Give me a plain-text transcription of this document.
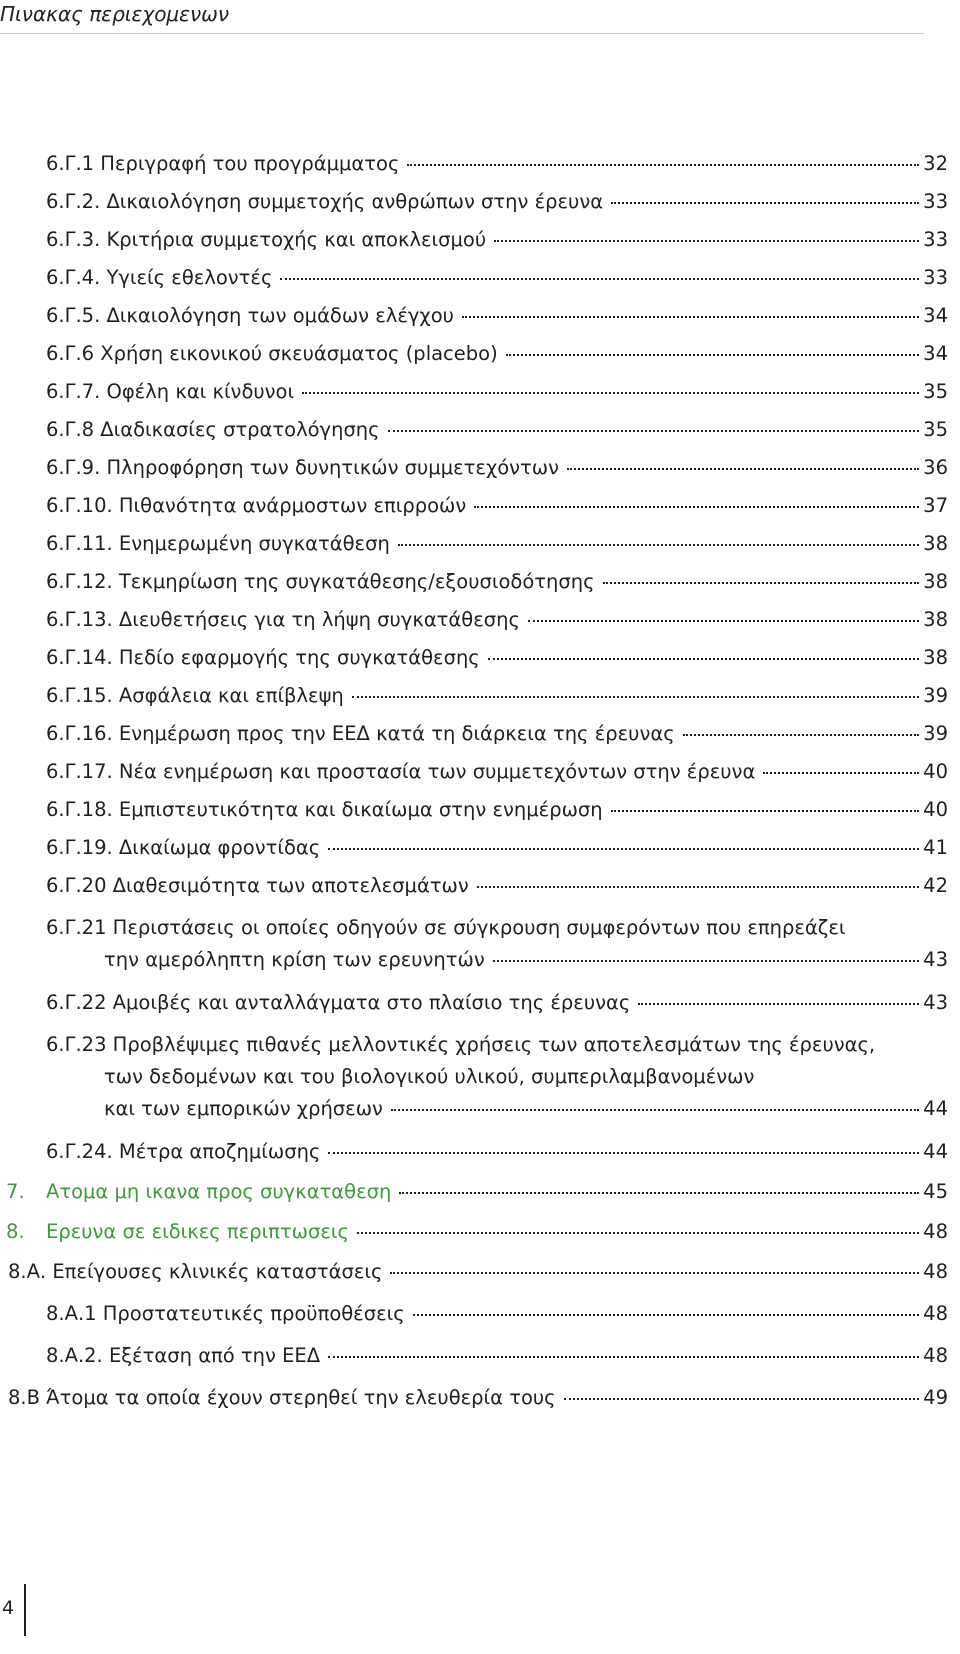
Πινακας περιεχομενων
6.Γ.1 Περιγραφή του προγράμματος	32
6.Γ.2. Δικαιολόγηση συμμετοχής ανθρώπων στην έρευνα	33
6.Γ.3. Κριτήρια συμμετοχής και αποκλεισμού	33
6.Γ.4. Υγιείς εθελοντές	33
6.Γ.5. Δικαιολόγηση των ομάδων ελέγχου	34
6.Γ.6 Χρήση εικονικού σκευάσματος (placebo)	34
6.Γ.7. Οφέλη και κίνδυνοι	35
6.Γ.8 Διαδικασίες στρατολόγησης	35
6.Γ.9. Πληροφόρηση των δυνητικών συμμετεχόντων	36
6.Γ.10. Πιθανότητα ανάρμοστων επιρροών	37
6.Γ.11. Ενημερωμένη συγκατάθεση	38
6.Γ.12. Τεκμηρίωση της συγκατάθεσης/εξουσιοδότησης	38
6.Γ.13. Διευθετήσεις για τη λήψη συγκατάθεσης	38
6.Γ.14. Πεδίο εφαρμογής της συγκατάθεσης	38
6.Γ.15. Ασφάλεια και επίβλεψη	39
6.Γ.16. Ενημέρωση προς την ΕΕΔ κατά τη διάρκεια της έρευνας	39
6.Γ.17. Νέα ενημέρωση και προστασία των συμμετεχόντων στην έρευνα	40
6.Γ.18. Εμπιστευτικότητα και δικαίωμα στην ενημέρωση	40
6.Γ.19. Δικαίωμα φροντίδας	41
6.Γ.20 Διαθεσιμότητα των αποτελεσμάτων	42
6.Γ.21 Περιστάσεις οι οποίες οδηγούν σε σύγκρουση συμφερόντων που επηρεάζει
την αμερόληπτη κρίση των ερευνητών	43
6.Γ.22 Αμοιβές και ανταλλάγματα στο πλαίσιο της έρευνας	43
6.Γ.23 Προβλέψιμες πιθανές μελλοντικές χρήσεις των αποτελεσμάτων της έρευνας,
των δεδομένων και του βιολογικού υλικού, συμπεριλαμβανομένων
και των εμπορικών χρήσεων	44
6.Γ.24. Μέτρα αποζημίωσης	44
7.	Ατομα μη ικανα προς συγκαταθεση	45
8.	Ερευνα σε ειδικες περιπτωσεις	48
8.Α. Επείγουσες κλινικές καταστάσεις	48
8.Α.1 Προστατευτικές προϋποθέσεις	48
8.Α.2. Εξέταση από την ΕΕΔ	48
8.Β Άτομα τα οποία έχουν στερηθεί την ελευθερία τους	49
4
